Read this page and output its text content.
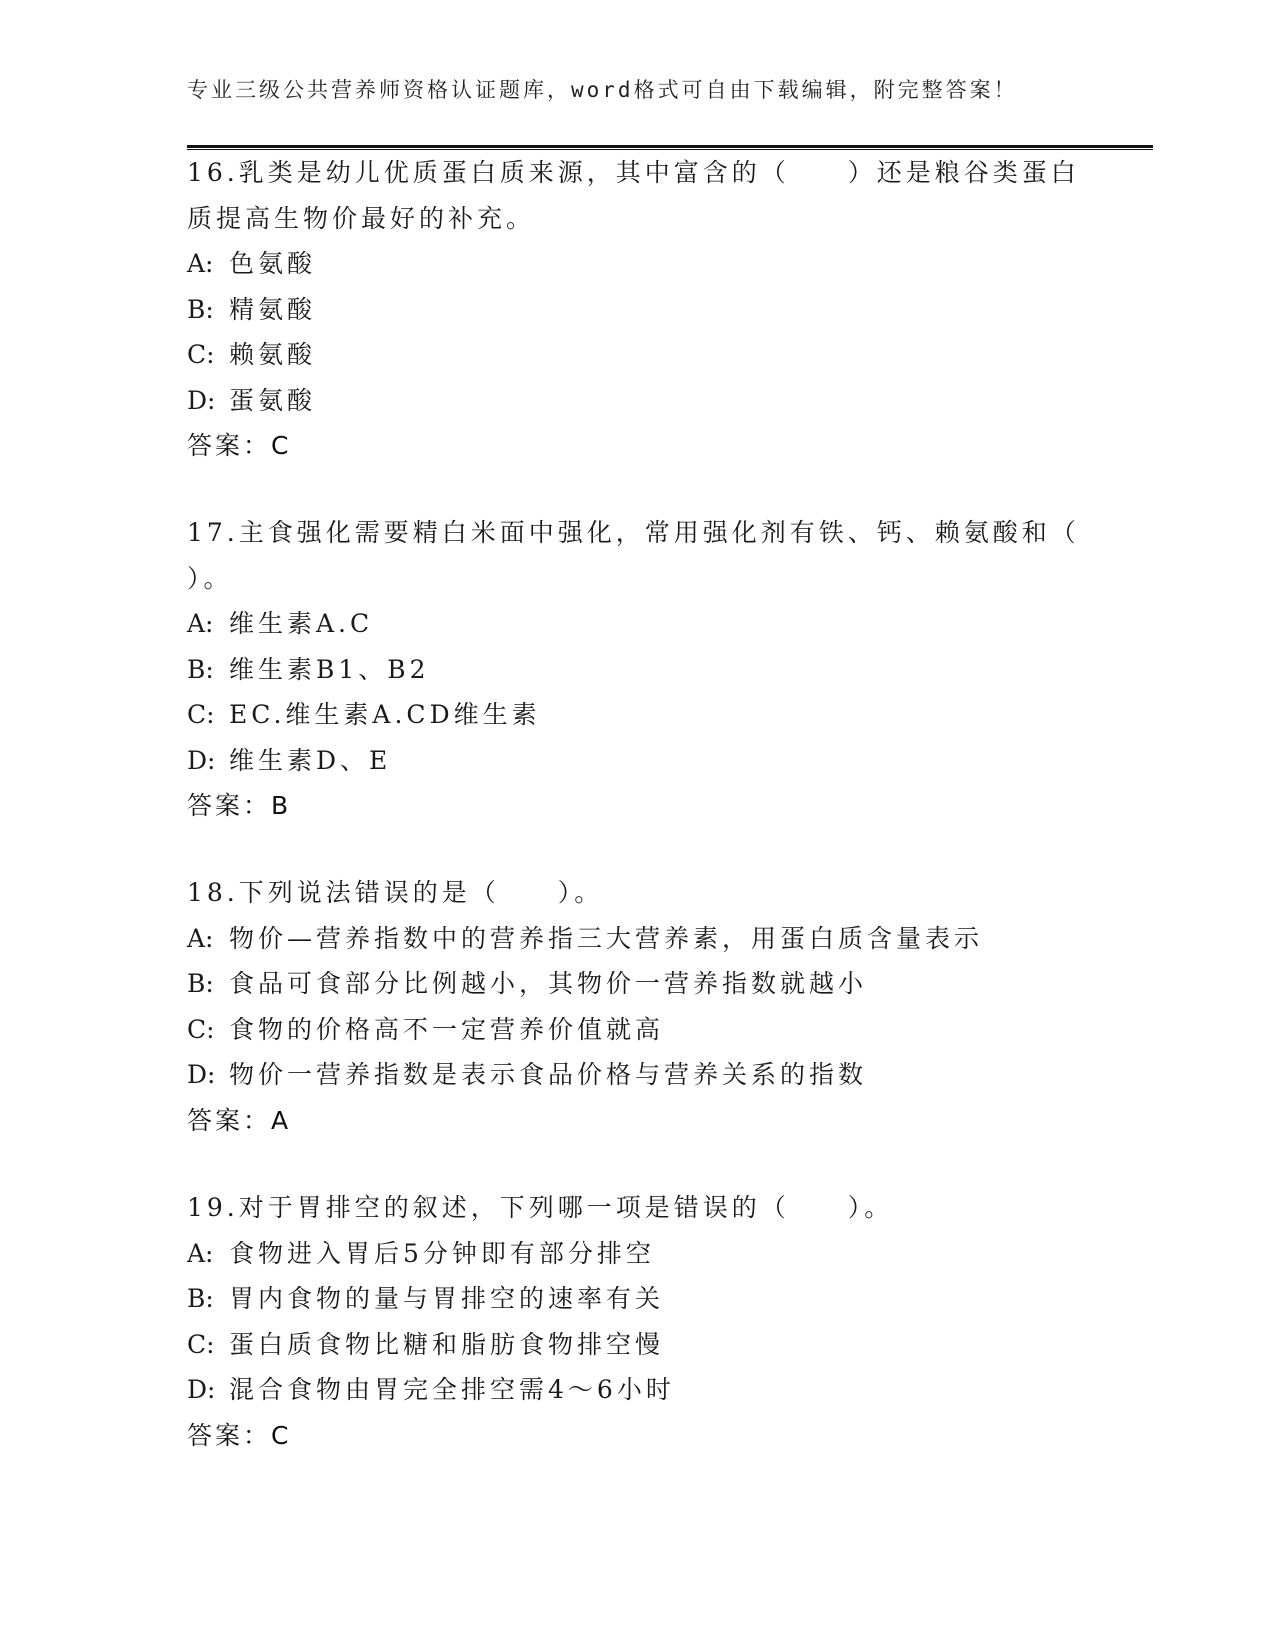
专业三级公共营养师资格认证题库，word格式可自由下载编辑，附完整答案！
16.乳类是幼儿优质蛋白质来源，其中富含的（　　）还是粮谷类蛋白
质提高生物价最好的补充。
A: 色氨酸
B: 精氨酸
C: 赖氨酸
D: 蛋氨酸
答案：C
17.主食强化需要精白米面中强化，常用强化剂有铁、钙、赖氨酸和（
）。
A: 维生素A.C
B: 维生素B1、B2
C: EC.维生素A.CD维生素
D: 维生素D、E
答案：B
18.下列说法错误的是（　　）。
A: 物价—营养指数中的营养指三大营养素，用蛋白质含量表示
B: 食品可食部分比例越小，其物价一营养指数就越小
C: 食物的价格高不一定营养价值就高
D: 物价一营养指数是表示食品价格与营养关系的指数
答案：A
19.对于胃排空的叙述，下列哪一项是错误的（　　）。
A: 食物进入胃后5分钟即有部分排空
B: 胃内食物的量与胃排空的速率有关
C: 蛋白质食物比糖和脂肪食物排空慢
D: 混合食物由胃完全排空需4～6小时
答案：C
